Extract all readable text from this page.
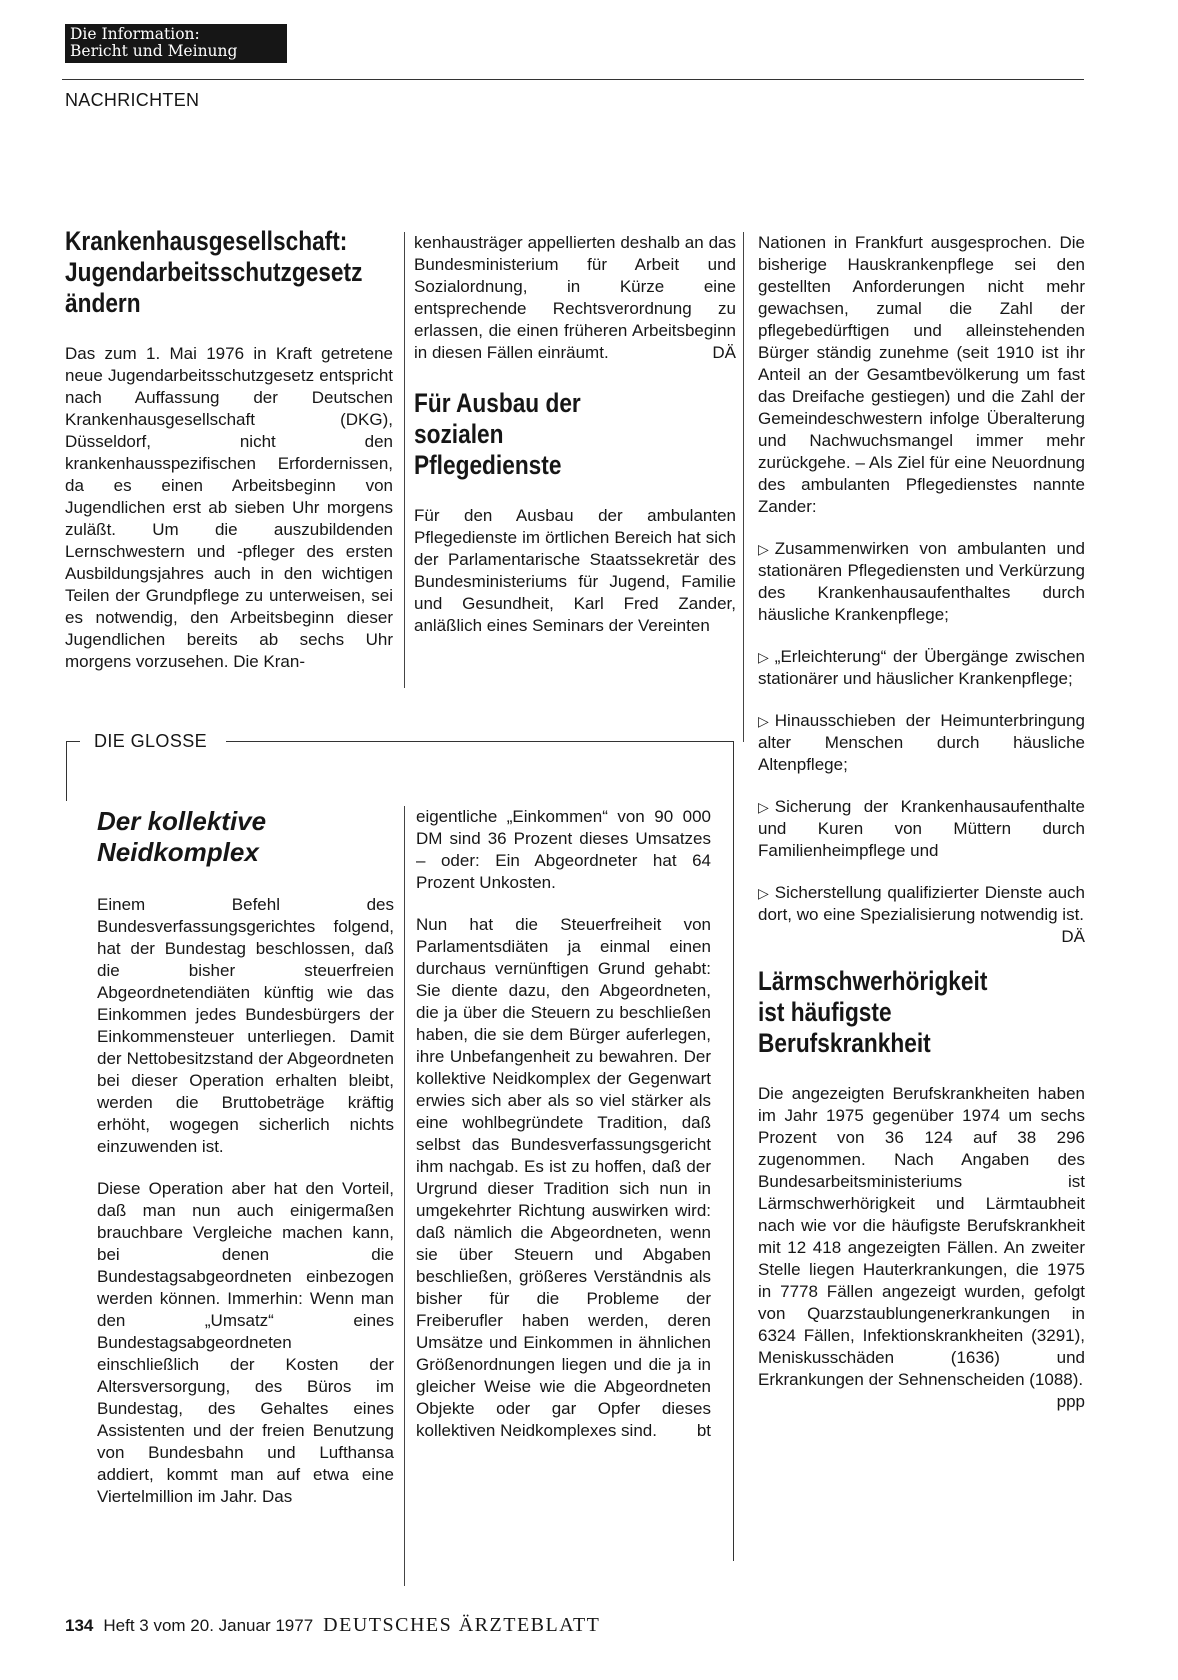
Die Information:
Bericht und Meinung
NACHRICHTEN
Krankenhausgesellschaft:
Jugendarbeitsschutzgesetz
ändern

Das zum 1. Mai 1976 in Kraft getretene neue Jugendarbeitsschutzgesetz entspricht nach Auffassung der Deutschen Krankenhausgesellschaft (DKG), Düsseldorf, nicht den krankenhausspezifischen Erfordernissen, da es einen Arbeitsbeginn von Jugendlichen erst ab sieben Uhr morgens zuläßt. Um die auszubildenden Lernschwestern und -pfleger des ersten Ausbildungsjahres auch in den wichtigen Teilen der Grundpflege zu unterweisen, sei es notwendig, den Arbeitsbeginn dieser Jugendlichen bereits ab sechs Uhr morgens vorzusehen. Die Kran-

kenhausträger appellierten deshalb an das Bundesministerium für Arbeit und Sozialordnung, in Kürze eine entsprechende Rechtsverordnung zu erlassen, die einen früheren Arbeitsbeginn in diesen Fällen einräumt.	DÄ

Für Ausbau der
sozialen
Pflegedienste

Für den Ausbau der ambulanten Pflegedienste im örtlichen Bereich hat sich der Parlamentarische Staatssekretär des Bundesministeriums für Jugend, Familie und Gesundheit, Karl Fred Zander, anläßlich eines Seminars der Vereinten

Nationen in Frankfurt ausgesprochen. Die bisherige Hauskrankenpflege sei den gestellten Anforderungen nicht mehr gewachsen, zumal die Zahl der pflegebedürftigen und alleinstehenden Bürger ständig zunehme (seit 1910 ist ihr Anteil an der Gesamtbevölkerung um fast das Dreifache gestiegen) und die Zahl der Gemeindeschwestern infolge Überalterung und Nachwuchsmangel immer mehr zurückgehe. – Als Ziel für eine Neuordnung des ambulanten Pflegedienstes nannte Zander:

▷ Zusammenwirken von ambulanten und stationären Pflegediensten und Verkürzung des Krankenhausaufenthaltes durch häusliche Krankenpflege;

▷ „Erleichterung“ der Übergänge zwischen stationärer und häuslicher Krankenpflege;

▷ Hinausschieben der Heimunterbringung alter Menschen durch häusliche Altenpflege;

▷ Sicherung der Krankenhausaufenthalte und Kuren von Müttern durch Familienheimpflege und

▷ Sicherstellung qualifizierter Dienste auch dort, wo eine Spezialisierung notwendig ist.
DÄ

Lärmschwerhörigkeit
ist häufigste
Berufskrankheit

Die angezeigten Berufskrankheiten haben im Jahr 1975 gegenüber 1974 um sechs Prozent von 36 124 auf 38 296 zugenommen. Nach Angaben des Bundesarbeitsministeriums ist Lärmschwerhörigkeit und Lärmtaubheit nach wie vor die häufigste Berufskrankheit mit 12 418 angezeigten Fällen. An zweiter Stelle liegen Hauterkrankungen, die 1975 in 7778 Fällen angezeigt wurden, gefolgt von Quarzstaublungenerkrankungen in 6324 Fällen, Infektionskrankheiten (3291), Meniskusschäden (1636) und Erkrankungen der Sehnenscheiden (1088).
ppp

DIE GLOSSE
Der kollektive
Neidkomplex

Einem Befehl des Bundesverfassungsgerichtes folgend, hat der Bundestag beschlossen, daß die bisher steuerfreien Abgeordnetendiäten künftig wie das Einkommen jedes Bundesbürgers der Einkommensteuer unterliegen. Damit der Nettobesitzstand der Abgeordneten bei dieser Operation erhalten bleibt, werden die Bruttobeträge kräftig erhöht, wogegen sicherlich nichts einzuwenden ist.

Diese Operation aber hat den Vorteil, daß man nun auch einigermaßen brauchbare Vergleiche machen kann, bei denen die Bundestagsabgeordneten einbezogen werden können. Immerhin: Wenn man den „Umsatz“ eines Bundestagsabgeordneten einschließlich der Kosten der Altersversorgung, des Büros im Bundestag, des Gehaltes eines Assistenten und der freien Benutzung von Bundesbahn und Lufthansa addiert, kommt man auf etwa eine Viertelmillion im Jahr. Das

eigentliche „Einkommen“ von 90 000 DM sind 36 Prozent dieses Umsatzes – oder: Ein Abgeordneter hat 64 Prozent Unkosten.

Nun hat die Steuerfreiheit von Parlamentsdiäten ja einmal einen durchaus vernünftigen Grund gehabt: Sie diente dazu, den Abgeordneten, die ja über die Steuern zu beschließen haben, die sie dem Bürger auferlegen, ihre Unbefangenheit zu bewahren. Der kollektive Neidkomplex der Gegenwart erwies sich aber als so viel stärker als eine wohlbegründete Tradition, daß selbst das Bundesverfassungsgericht ihm nachgab. Es ist zu hoffen, daß der Urgrund dieser Tradition sich nun in umgekehrter Richtung auswirken wird: daß nämlich die Abgeordneten, wenn sie über Steuern und Abgaben beschließen, größeres Verständnis als bisher für die Probleme der Freiberufler haben werden, deren Umsätze und Einkommen in ähnlichen Größenordnungen liegen und die ja in gleicher Weise wie die Abgeordneten Objekte oder gar Opfer dieses kollektiven Neidkomplexes sind. bt

134 Heft 3 vom 20. Januar 1977 DEUTSCHES ÄRZTEBLATT
